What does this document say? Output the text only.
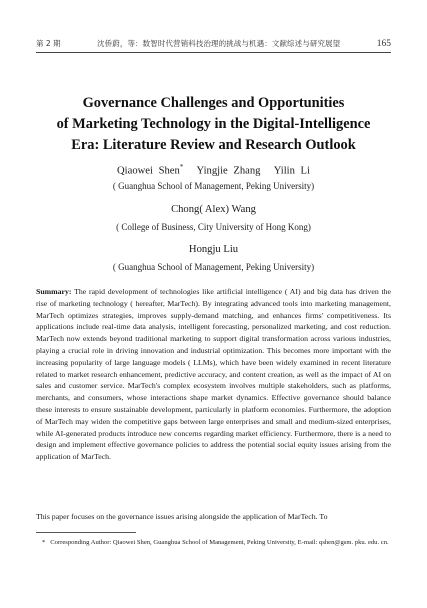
第 2 期	沈侨蔚，等：数智时代营销科技治理的挑战与机遇：文献综述与研究展望	165
Governance Challenges and Opportunities
of Marketing Technology in the Digital-Intelligence
Era: Literature Review and Research Outlook
Qiaowei Shen* Yingjie Zhang Yilin Li
( Guanghua School of Management, Peking University)
Chong( Alex) Wang
( College of Business, City University of Hong Kong)
Hongju Liu
( Guanghua School of Management, Peking University)

Summary: The rapid development of technologies like artificial intelligence ( AI) and big data has driven the rise of marketing technology ( hereafter, MarTech). By integrating advanced tools into marketing management, MarTech optimizes strategies, improves supply-demand matching, and enhances firms' competitiveness. Its applications include real-time data analysis, intelligent forecasting, personalized marketing, and cost reduction. MarTech now extends beyond traditional marketing to support digital transformation across various industries, playing a crucial role in driving innovation and industrial optimization. This becomes more important with the increasing popularity of large language models ( LLMs), which have been widely examined in recent literature related to market research enhancement, predictive accuracy, and content creation, as well as the impact of AI on sales and customer service. MarTech's complex ecosystem involves multiple stakeholders, such as platforms, merchants, and consumers, whose interactions shape market dynamics. Effective governance should balance these interests to ensure sustainable development, particularly in platform economies. Furthermore, the adoption of MarTech may widen the competitive gaps between large enterprises and small and medium-sized enterprises, while AI-generated products introduce new concerns regarding market efficiency. Furthermore, there is a need to design and implement effective governance policies to address the potential social equity issues arising from the application of MarTech.

This paper focuses on the governance issues arising alongside the application of MarTech. To
* Corresponding Author: Qiaowei Shen, Guanghua School of Management, Peking University, E-mail: qshen@gsm. pku. edu. cn.
